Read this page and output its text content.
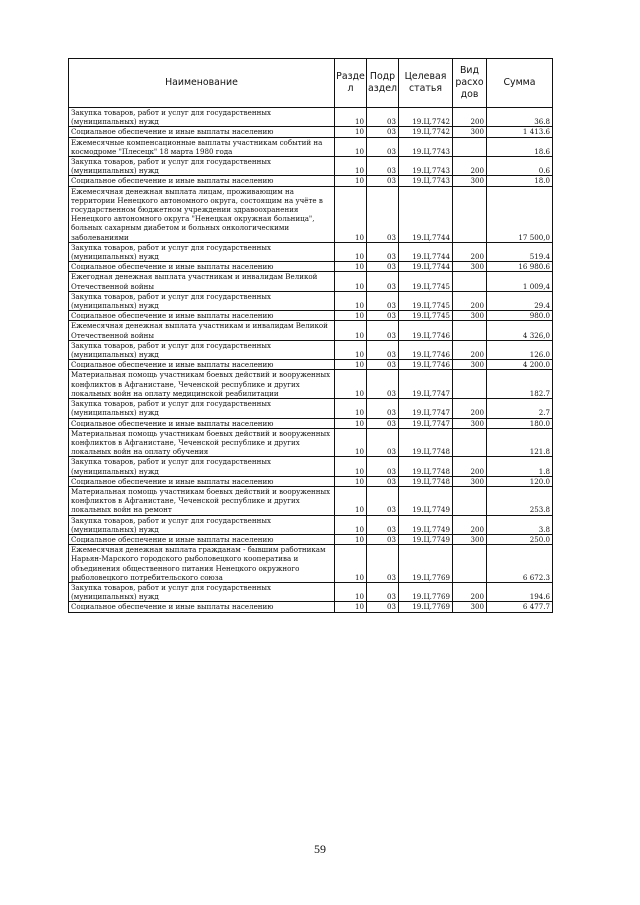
Наименование	Разде л	Подр аздел	Целевая статья	Вид расхо дов	Сумма
Закупка товаров, работ и услуг для государственных (муниципальных) нужд	10	03	19.Ц.7742	200	36.8
Социальное обеспечение и иные выплаты населению	10	03	19.Ц.7742	300	1 413.6
Ежемесячные компенсационные выплаты участникам событий на космодроме "Плесецк" 18 марта 1980 года	10	03	19.Ц.7743		18.6
Закупка товаров, работ и услуг для государственных (муниципальных) нужд	10	03	19.Ц.7743	200	0.6
Социальное обеспечение и иные выплаты населению	10	03	19.Ц.7743	300	18.0
Ежемесячная денежная выплата лицам, проживающим на территории Ненецкого автономного округа, состоящим на учёте в государственном бюджетном учреждении здравоохранения Ненецкого автономного округа "Ненецкая окружная больница", больных сахарным диабетом и больных онкологическими заболеваниями	10	03	19.Ц.7744		17 500,0
Закупка товаров, работ и услуг для государственных (муниципальных) нужд	10	03	19.Ц.7744	200	519.4
Социальное обеспечение и иные выплаты населению	10	03	19.Ц.7744	300	16 980.6
Ежегодная денежная выплата участникам и инвалидам Великой Отечественной войны	10	03	19.Ц.7745		1 009,4
Закупка товаров, работ и услуг для государственных (муниципальных) нужд	10	03	19.Ц.7745	200	29.4
Социальное обеспечение и иные выплаты населению	10	03	19.Ц.7745	300	980.0
Ежемесячная денежная выплата участникам и инвалидам Великой Отечественной войны	10	03	19.Ц.7746		4 326,0
Закупка товаров, работ и услуг для государственных (муниципальных) нужд	10	03	19.Ц.7746	200	126.0
Социальное обеспечение и иные выплаты населению	10	03	19.Ц.7746	300	4 200.0
Материальная помощь участникам боевых действий и вооруженных конфликтов в Афганистане, Чеченской республике и других локальных войн на оплату медицинской реабилитации	10	03	19.Ц.7747		182.7
Закупка товаров, работ и услуг для государственных (муниципальных) нужд	10	03	19.Ц.7747	200	2.7
Социальное обеспечение и иные выплаты населению	10	03	19.Ц.7747	300	180.0
Материальная помощь участникам боевых действий и вооруженных конфликтов в Афганистане, Чеченской республике и других локальных войн на оплату обучения	10	03	19.Ц.7748		121.8
Закупка товаров, работ и услуг для государственных (муниципальных) нужд	10	03	19.Ц.7748	200	1.8
Социальное обеспечение и иные выплаты населению	10	03	19.Ц.7748	300	120.0
Материальная помощь участникам боевых действий и вооруженных конфликтов в Афганистане, Чеченской республике и других локальных войн на ремонт	10	03	19.Ц.7749		253.8
Закупка товаров, работ и услуг для государственных (муниципальных) нужд	10	03	19.Ц.7749	200	3.8
Социальное обеспечение и иные выплаты населению	10	03	19.Ц.7749	300	250.0
Ежемесячная денежная выплата гражданам - бывшим работникам Нарьян-Марского городского рыболовецкого кооператива и объединения общественного питания Ненецкого окружного рыболовецкого потребительского союза	10	03	19.Ц.7769		6 672.3
Закупка товаров, работ и услуг для государственных (муниципальных) нужд	10	03	19.Ц.7769	200	194.6
Социальное обеспечение и иные выплаты населению	10	03	19.Ц.7769	300	6 477.7
59
